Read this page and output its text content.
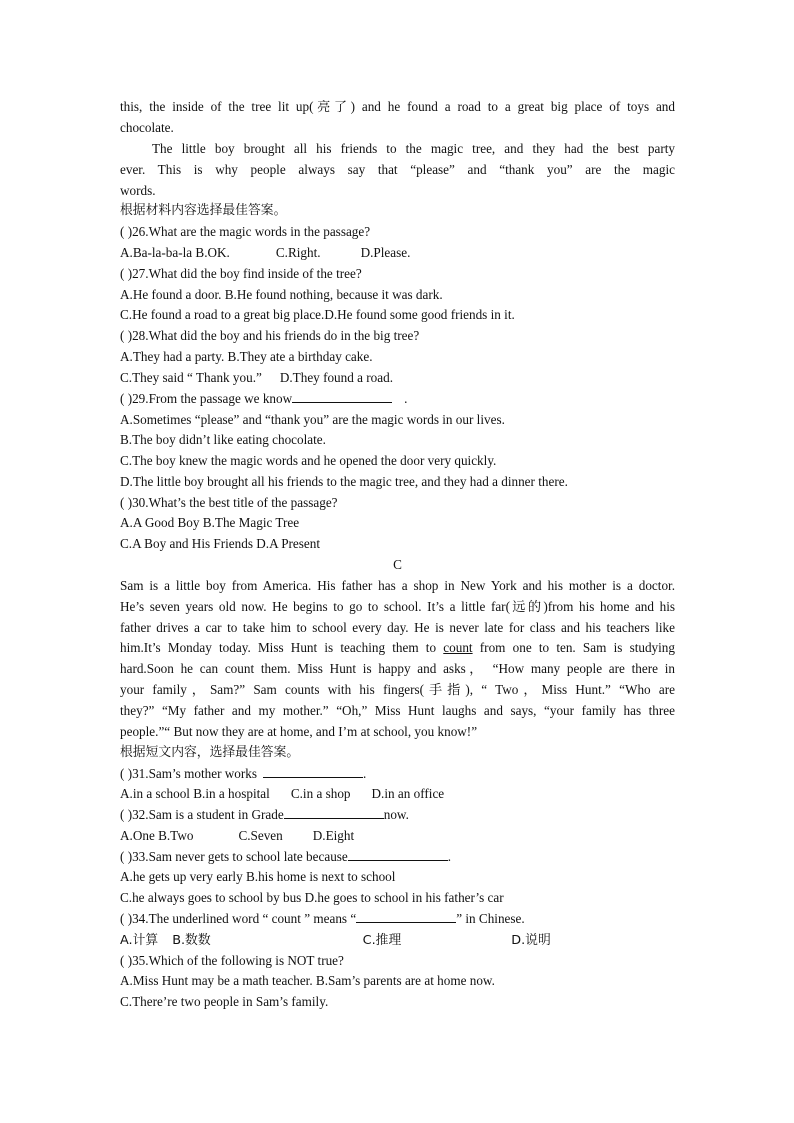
this, the inside of the tree lit up(亮了) and he found a road to a great big place of toys and
chocolate.
The little boy brought all his friends to the magic tree, and they had the best party
ever. This is why people always say that “please” and “thank you” are the magic
words.
根据材料内容选择最佳答案。
( )26.What are the magic words in the passage?
A.Ba-la-ba-la B.OK.	C.Right.	D.Please.
( )27.What did the boy find inside of the tree?
A.He found a door. B.He found nothing, because it was dark.
C.He found a road to a great big place.D.He found some good friends in it.
( )28.What did the boy and his friends do in the big tree?
A.They had a party. B.They ate a birthday cake.
C.They said “ Thank you.” D.They found a road.
( )29.From the passage we know	.
A.Sometimes “please” and “thank you” are the magic words in our lives.
B.The boy didn’t like eating chocolate.
C.The boy knew the magic words and he opened the door very quickly.
D.The little boy brought all his friends to the magic tree, and they had a dinner there.
( )30.What’s the best title of the passage?
A.A Good Boy B.The Magic Tree
C.A Boy and His Friends D.A Present
C
Sam is a little boy from America. His father has a shop in New York and his mother is a doctor.
He’s seven years old now. He begins to go to school. It’s a little far(远的)from his home and his
father drives a car to take him to school every day. He is never late for class and his teachers like
him.It’s Monday today. Miss Hunt is teaching them to count from one to ten. Sam is studying
hard.Soon he can count them. Miss Hunt is happy and asks， “How many people are there in
your family，Sam?” Sam counts with his fingers(手指), “ Two，Miss Hunt.” “Who are
they?” “My father and my mother.” “Oh,” Miss Hunt laughs and says, “your family has three
people.”“ But now they are at home, and I’m at school, you know!”
根据短文内容，选择最佳答案。
( )31.Sam’s mother works	.
A.in a school B.in a hospital C.in a shop D.in an office
( )32.Sam is a student in Grade	now.
A.One B.Two	C.Seven D.Eight
( )33.Sam never gets to school late because	.
A.he gets up very early B.his home is next to school
C.he always goes to school by bus D.he goes to school in his father’s car
( )34.The underlined word “ count ” means “	” in Chinese.
A.计算 B.数数	C.推理	D.说明
( )35.Which of the following is NOT true?
A.Miss Hunt may be a math teacher. B.Sam’s parents are at home now.
C.There’re two people in Sam’s family.
